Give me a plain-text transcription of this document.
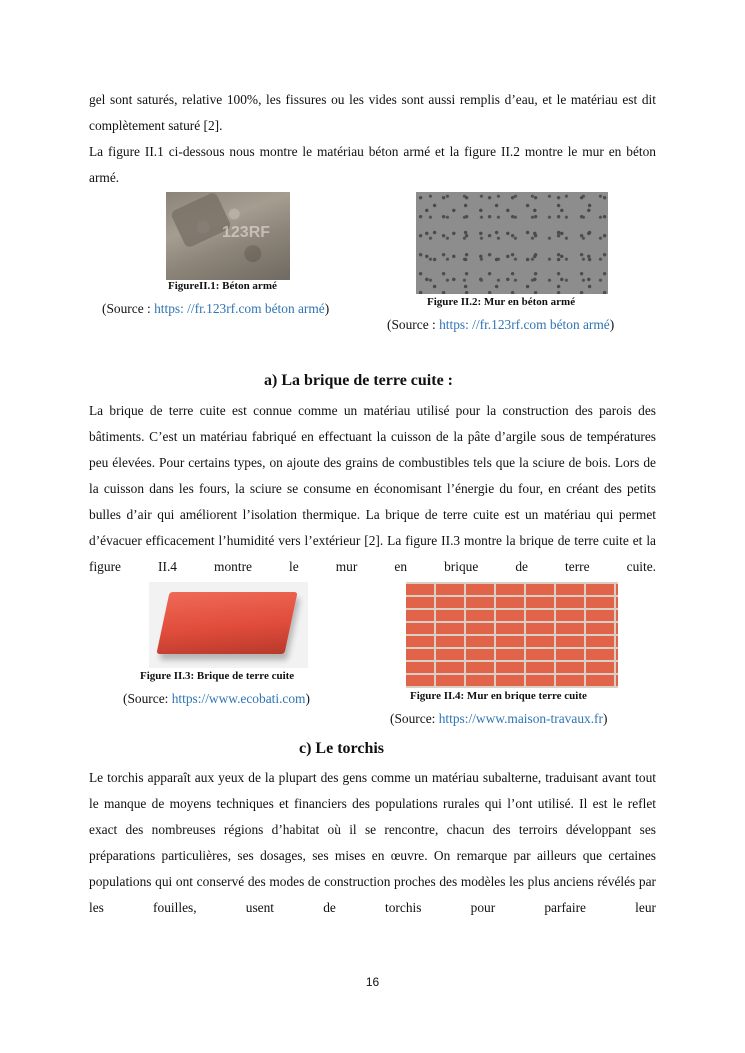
gel sont saturés, relative 100%, les fissures ou les vides sont aussi remplis d’eau, et le matériau est dit complètement saturé [2].

La figure II.1 ci-dessous nous montre le matériau béton armé et la figure II.2 montre le mur en béton armé.

123RF
FigureII.1: Béton armé
(Source : https: //fr.123rf.com béton armé)	Figure II.2: Mur en béton armé
(Source : https: //fr.123rf.com béton armé)
a) La brique de terre cuite :

La brique de terre cuite est connue comme un matériau utilisé pour la construction des parois des bâtiments. C’est un matériau fabriqué en effectuant la cuisson de la pâte d’argile sous de températures peu élevées. Pour certains types, on ajoute des grains de combustibles tels que la sciure de bois. Lors de la cuisson dans les fours, la sciure se consume en économisant l’énergie du four, en créant des petits bulles d’air qui améliorent l’isolation thermique. La brique de terre cuite est un matériau qui permet d’évacuer efficacement l’humidité vers l’extérieur [2]. La figure II.3 montre la brique de terre cuite et la figure II.4 montre le mur en brique de terre cuite.

Figure II.3: Brique de terre cuite
(Source: https://www.ecobati.com)	Figure II.4: Mur en brique terre cuite
(Source: https://www.maison-travaux.fr)
c) Le torchis

Le torchis apparaît aux yeux de la plupart des gens comme un matériau subalterne, traduisant avant tout le manque de moyens techniques et financiers des populations rurales qui l’ont utilisé. Il est le reflet exact des nombreuses régions d’habitat où il se rencontre, chacun des terroirs développant ses préparations particulières, ses dosages, ses mises en œuvre. On remarque par ailleurs que certaines populations qui ont conservé des modes de construction proches des modèles les plus anciens révélés par les fouilles, usent de torchis pour parfaire leur

16
